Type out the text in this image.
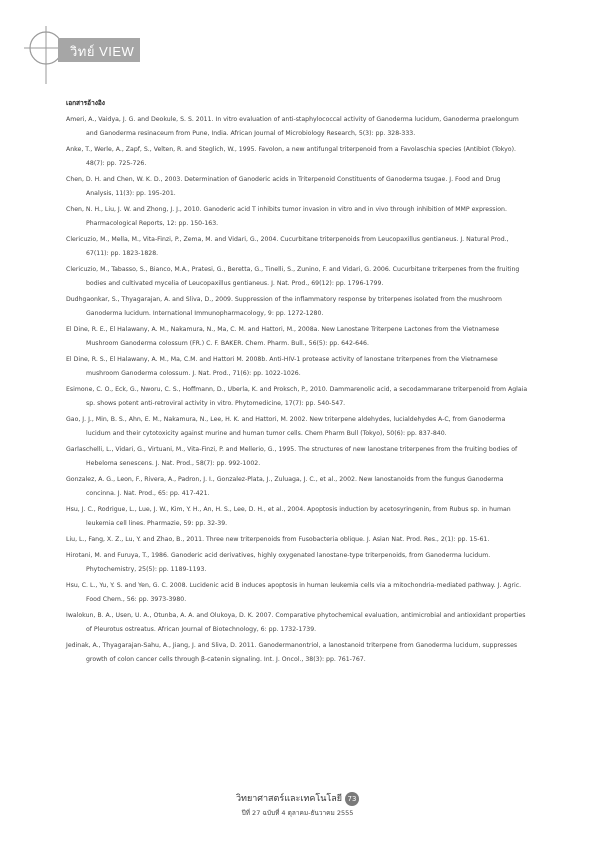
วิทย์ VIEW
เอกสารอ้างอิง
Ameri, A., Vaidya, J. G. and Deokule, S. S. 2011. In vitro evaluation of anti-staphylococcal activity of Ganoderma lucidum, Ganoderma praelongum and Ganoderma resinaceum from Pune, India. African Journal of Microbiology Research, 5(3): pp. 328-333.
Anke, T., Werle, A., Zapf, S., Velten, R. and Steglich, W., 1995. Favolon, a new antifungal triterpenoid from a Favolaschia species (Antibiot (Tokyo). 48(7): pp. 725-726.
Chen, D. H. and Chen, W. K. D., 2003. Determination of Ganoderic acids in Triterpenoid Constituents of Ganoderma tsugae. J. Food and Drug Analysis, 11(3): pp. 195-201.
Chen, N. H., Liu, J. W. and Zhong, J. J., 2010. Ganoderic acid T inhibits tumor invasion in vitro and in vivo through inhibition of MMP expression. Pharmacological Reports, 12: pp. 150-163.
Clericuzio, M., Mella, M., Vita-Finzi, P., Zema, M. and Vidari, G., 2004. Cucurbitane triterpenoids from Leucopaxillus gentianeus. J. Natural Prod., 67(11): pp. 1823-1828.
Clericuzio, M., Tabasso, S., Bianco, M.A., Pratesi, G., Beretta, G., Tinelli, S., Zunino, F. and Vidari, G. 2006. Cucurbitane triterpenes from the fruiting bodies and cultivated mycelia of Leucopaxillus gentianeus. J. Nat. Prod., 69(12): pp. 1796-1799.
Dudhgaonkar, S., Thyagarajan, A. and Sliva, D., 2009. Suppression of the inflammatory response by triterpenes isolated from the mushroom Ganoderma lucidum. International Immunopharmacology, 9: pp. 1272-1280.
El Dine, R. E., El Halawany, A. M., Nakamura, N., Ma, C. M. and Hattori, M., 2008a. New Lanostane Triterpene Lactones from the Vietnamese Mushroom Ganoderma colossum (FR.) C. F. BAKER. Chem. Pharm. Bull., 56(5): pp. 642-646.
El Dine, R. S., El Halawany, A. M., Ma, C.M. and Hattori M. 2008b. Anti-HIV-1 protease activity of lanostane triterpenes from the Vietnamese mushroom Ganoderma colossum. J. Nat. Prod., 71(6): pp. 1022-1026.
Esimone, C. O., Eck, G., Nworu, C. S., Hoffmann, D., Uberla, K. and Proksch, P., 2010. Dammarenolic acid, a secodammarane triterpenoid from Aglaia sp. shows potent anti-retroviral activity in vitro. Phytomedicine, 17(7): pp. 540-547.
Gao, J. J., Min, B. S., Ahn, E. M., Nakamura, N., Lee, H. K. and Hattori, M. 2002. New triterpene aldehydes, lucialdehydes A-C, from Ganoderma lucidum and their cytotoxicity against murine and human tumor cells. Chem Pharm Bull (Tokyo), 50(6): pp. 837-840.
Garlaschelli, L., Vidari, G., Virtuani, M., Vita-Finzi, P. and Mellerio, G., 1995. The structures of new lanostane triterpenes from the fruiting bodies of Hebeloma senescens. J. Nat. Prod., 58(7): pp. 992-1002.
Gonzalez, A. G., Leon, F., Rivera, A., Padron, J. I., Gonzalez-Plata, J., Zuluaga, J. C., et al., 2002. New lanostanoids from the fungus Ganoderma concinna. J. Nat. Prod., 65: pp. 417-421.
Hsu, J. C., Rodrigue, L., Lue, J. W., Kim, Y. H., An, H. S., Lee, D. H., et al., 2004. Apoptosis induction by acetosyringenin, from Rubus sp. in human leukemia cell lines. Pharmazie, 59: pp. 32-39.
Liu, L., Fang, X. Z., Lu, Y. and Zhao, B., 2011. Three new triterpenoids from Fusobacteria oblique. J. Asian Nat. Prod. Res., 2(1): pp. 15-61.
Hirotani, M. and Furuya, T., 1986. Ganoderic acid derivatives, highly oxygenated lanostane-type triterpenoids, from Ganoderma lucidum. Phytochemistry, 25(5): pp. 1189-1193.
Hsu, C. L., Yu, Y. S. and Yen, G. C. 2008. Lucidenic acid B induces apoptosis in human leukemia cells via a mitochondria-mediated pathway. J. Agric. Food Chem., 56: pp. 3973-3980.
Iwalokun, B. A., Usen, U. A., Otunba, A. A. and Olukoya, D. K. 2007. Comparative phytochemical evaluation, antimicrobial and antioxidant properties of Pleurotus ostreatus. African Journal of Biotechnology, 6: pp. 1732-1739.
Jedinak, A., Thyagarajan-Sahu, A., Jiang, J. and Sliva, D. 2011. Ganodermanontriol, a lanostanoid triterpene from Ganoderma lucidum, suppresses growth of colon cancer cells through β-catenin signaling. Int. J. Oncol., 38(3): pp. 761-767.
วิทยาศาสตร์และเทคโนโลยี 73
ปีที่ 27 ฉบับที่ 4 ตุลาคม-ธันวาคม 2555
